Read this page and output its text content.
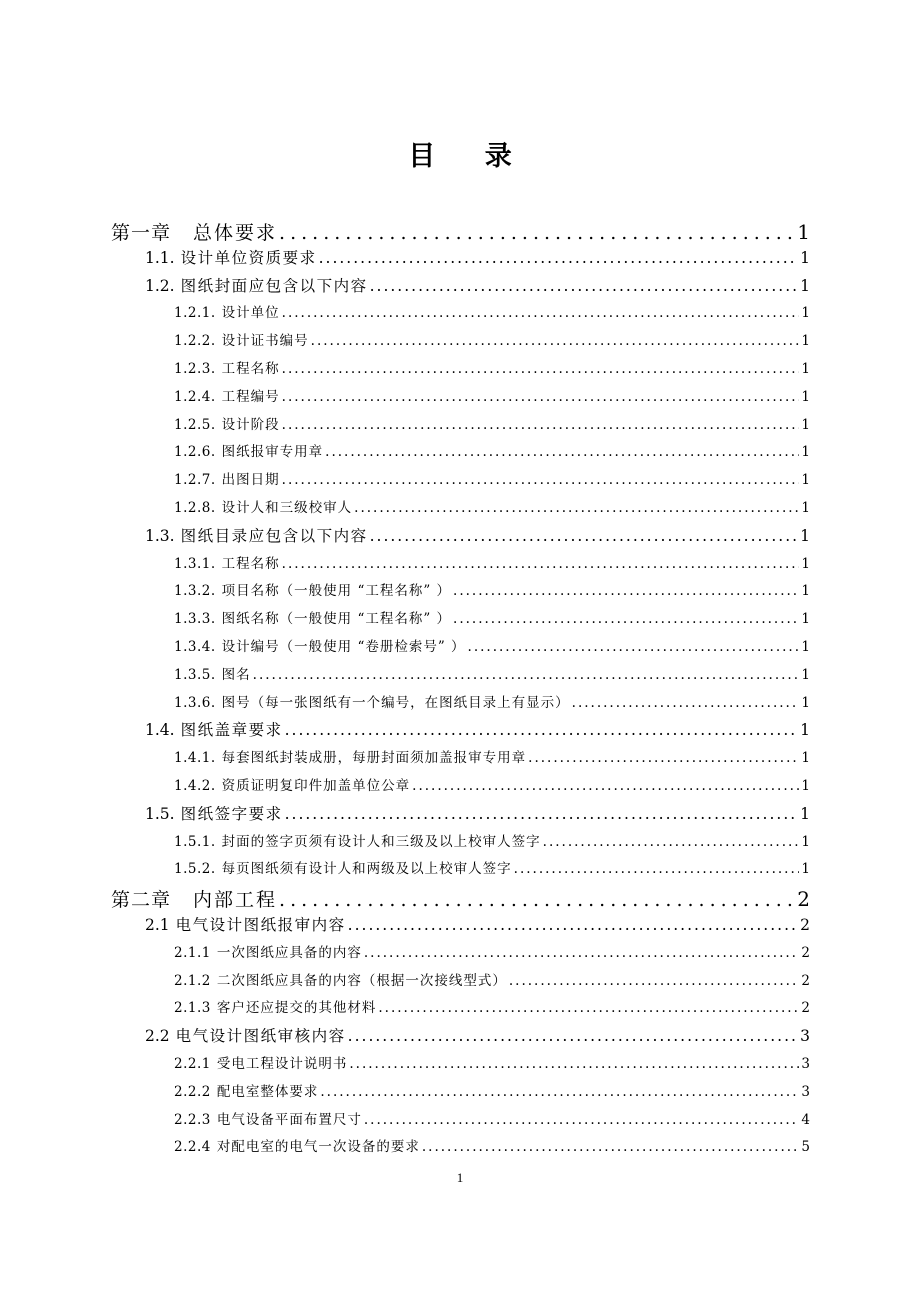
目 录
第一章 总体要求 .....	1
1.1. 设计单位资质要求 .....	1
1.2. 图纸封面应包含以下内容 .....	1
1.2.1. 设计单位 .....	1
1.2.2. 设计证书编号 .....	1
1.2.3. 工程名称 .....	1
1.2.4. 工程编号 .....	1
1.2.5. 设计阶段 .....	1
1.2.6. 图纸报审专用章 .....	1
1.2.7. 出图日期 .....	1
1.2.8. 设计人和三级校审人 .....	1
1.3. 图纸目录应包含以下内容 .....	1
1.3.1. 工程名称 .....	1
1.3.2. 项目名称（一般使用 “工程名称” ） .....	1
1.3.3. 图纸名称（一般使用 “工程名称” ） .....	1
1.3.4. 设计编号（一般使用 “卷册检索号” ） .....	1
1.3.5. 图名 .....	1
1.3.6. 图号（每一张图纸有一个编号，在图纸目录上有显示） .....	1
1.4. 图纸盖章要求 .....	1
1.4.1. 每套图纸封装成册，每册封面须加盖报审专用章 .....	1
1.4.2. 资质证明复印件加盖单位公章 .....	1
1.5. 图纸签字要求 .....	1
1.5.1. 封面的签字页须有设计人和三级及以上校审人签字 .....	1
1.5.2. 每页图纸须有设计人和两级及以上校审人签字 .....	1
第二章 内部工程 .....	2
2.1 电气设计图纸报审内容 .....	2
2.1.1 一次图纸应具备的内容 .....	2
2.1.2 二次图纸应具备的内容（根据一次接线型式） .....	2
2.1.3 客户还应提交的其他材料 .....	2
2.2 电气设计图纸审核内容 .....	3
2.2.1 受电工程设计说明书 .....	3
2.2.2 配电室整体要求 .....	3
2.2.3 电气设备平面布置尺寸 .....	4
2.2.4 对配电室的电气一次设备的要求 .....	5
1
